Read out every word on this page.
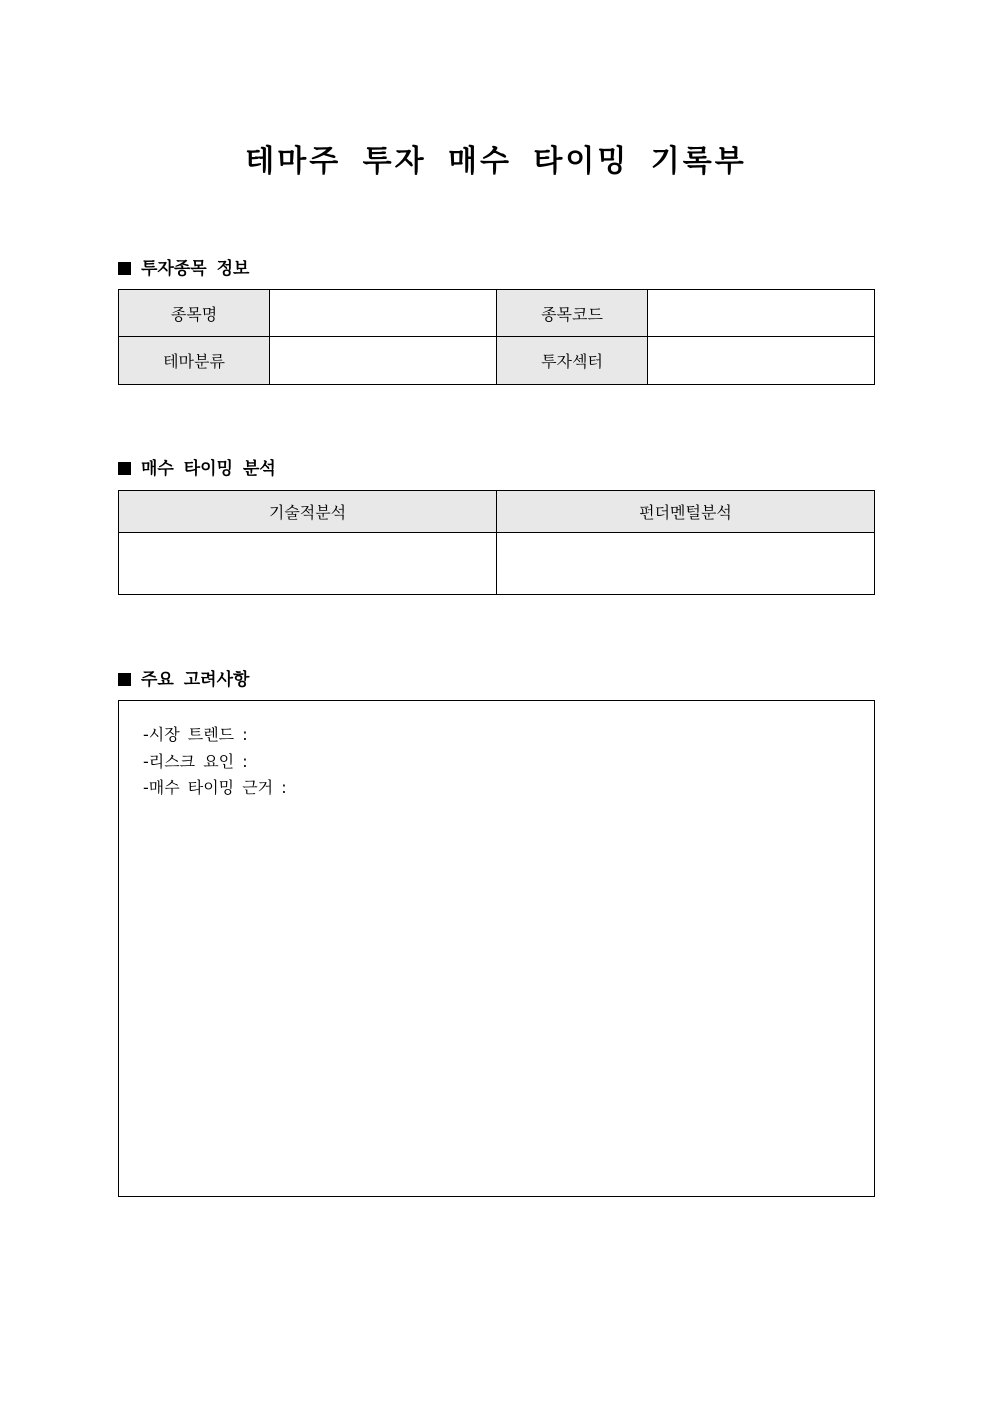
테마주 투자 매수 타이밍 기록부
투자종목 정보
종목명		종목코드	
테마분류		투자섹터	
매수 타이밍 분석
기술적분석	펀더멘털분석

주요 고려사항
-시장 트렌드 :
-리스크 요인 :
-매수 타이밍 근거 :
